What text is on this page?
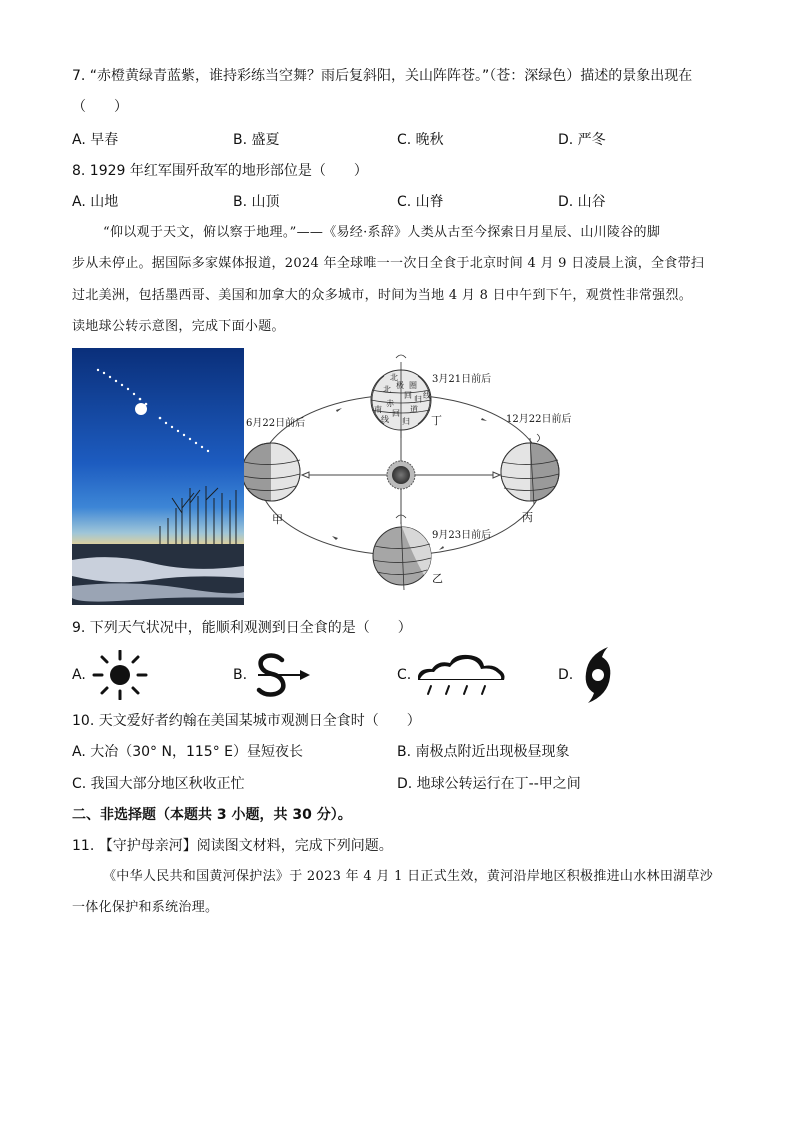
7. “赤橙黄绿青蓝紫，谁持彩练当空舞？雨后复斜阳，关山阵阵苍。”（苍：深绿色）描述的景象出现在
（　　）
A. 早春	B. 盛夏	C. 晚秋	D. 严冬
8. 1929 年红军围歼敌军的地形部位是（　　）
A. 山地	B. 山顶	C. 山脊	D. 山谷
“仰以观于天文，俯以察于地理。”——《易经·系辞》人类从古至今探索日月星辰、山川陵谷的脚
步从未停止。据国际多家媒体报道，2024 年全球唯一一次日全食于北京时间 4 月 9 日凌晨上演，全食带扫
过北美洲，包括墨西哥、美国和加拿大的众多城市，时间为当地 4 月 8 日中午到下午，观赏性非常强烈。
读地球公转示意图，完成下面小题。
北
极 圈
北
回 归 线
赤
道
南 回
归
线
3月21日前后
丁
6月22日前后
甲
12月22日前后
丙
9月23日前后
乙
9. 下列天气状况中，能顺利观测到日全食的是（　　）
A.	B.	C.	D.
10. 天文爱好者约翰在美国某城市观测日全食时（　　）
A. 大冶（30° N，115° E）昼短夜长	B. 南极点附近出现极昼现象
C. 我国大部分地区秋收正忙	D. 地球公转运行在丁--甲之间
二、非选择题（本题共 3 小题，共 30 分）。
11. 【守护母亲河】阅读图文材料，完成下列问题。
《中华人民共和国黄河保护法》于 2023 年 4 月 1 日正式生效，黄河沿岸地区积极推进山水林田湖草沙
一体化保护和系统治理。
